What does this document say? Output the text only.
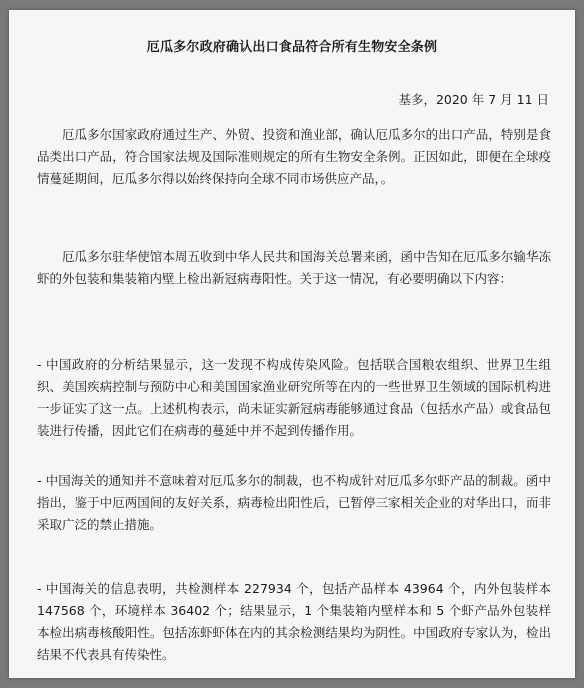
厄瓜多尔政府确认出口食品符合所有生物安全条例
基多，2020 年 7 月 11 日

厄瓜多尔国家政府通过生产、外贸、投资和渔业部，确认厄瓜多尔的出口产品，特别是食品类出口产品，符合国家法规及国际准则规定的所有生物安全条例。正因如此，即便在全球疫情蔓延期间，厄瓜多尔得以始终保持向全球不同市场供应产品，。

厄瓜多尔驻华使馆本周五收到中华人民共和国海关总署来函，函中告知在厄瓜多尔输华冻虾的外包装和集装箱内壁上检出新冠病毒阳性。关于这一情况，有必要明确以下内容：

- 中国政府的分析结果显示，这一发现不构成传染风险。包括联合国粮农组织、世界卫生组织、美国疾病控制与预防中心和美国国家渔业研究所等在内的一些世界卫生领域的国际机构进一步证实了这一点。上述机构表示，尚未证实新冠病毒能够通过食品（包括水产品）或食品包装进行传播，因此它们在病毒的蔓延中并不起到传播作用。

- 中国海关的通知并不意味着对厄瓜多尔的制裁，也不构成针对厄瓜多尔虾产品的制裁。函中指出，鉴于中厄两国间的友好关系，病毒检出阳性后，已暂停三家相关企业的对华出口，而非采取广泛的禁止措施。

- 中国海关的信息表明，共检测样本 227934 个，包括产品样本 43964 个，内外包装样本 147568 个，环境样本 36402 个；结果显示，1 个集装箱内壁样本和 5 个虾产品外包装样本检出病毒核酸阳性。包括冻虾虾体在内的其余检测结果均为阴性。中国政府专家认为，检出结果不代表具有传染性。
